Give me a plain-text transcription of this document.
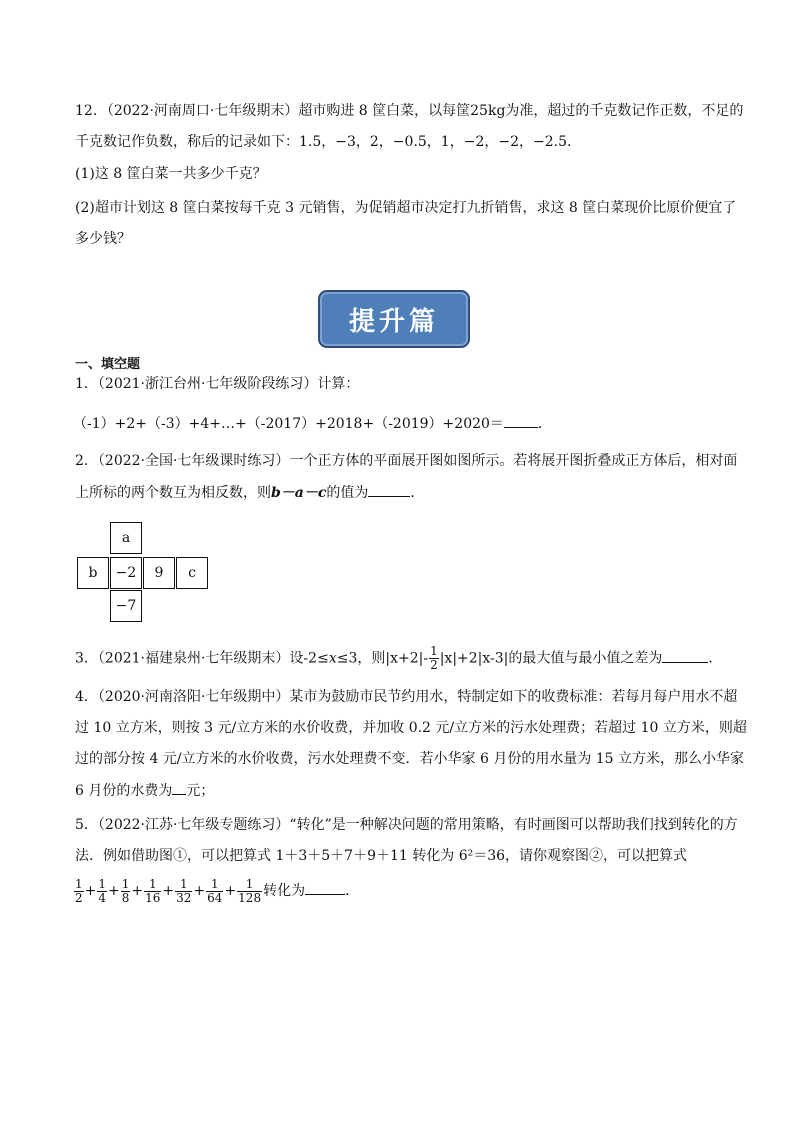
12．（2022·河南周口·七年级期末）超市购进 8 筐白菜，以每筐25kg为准，超过的千克数记作正数，不足的
千克数记作负数，称后的记录如下：1.5，−3，2，−0.5，1，−2，−2，−2.5．
(1)这 8 筐白菜一共多少千克？
(2)超市计划这 8 筐白菜按每千克 3 元销售，为促销超市决定打九折销售，求这 8 筐白菜现价比原价便宜了
多少钱？
提升篇
一、填空题
1．（2021·浙江台州·七年级阶段练习）计算：
（-1）+2+（-3）+4+…+（-2017）+2018+（-2019）+2020＝ ．
2．（2022·全国·七年级课时练习）一个正方体的平面展开图如图所示。若将展开图折叠成正方体后，相对面
上所标的两个数互为相反数，则b－a－c的值为	．
a
b	−2	9	c
−7
3．（2021·福建泉州·七年级期末）设-2≤x≤3，则$|x+2|- \frac{1}{2} |x|+2|x-3|$的最大值与最小值之差为	．
4．（2020·河南洛阳·七年级期中）某市为鼓励市民节约用水，特制定如下的收费标准：若每月每户用水不超
过 10 立方米，则按 3 元/立方米的水价收费，并加收 0.2 元/立方米的污水处理费；若超过 10 立方米，则超
过的部分按 4 元/立方米的水价收费，污水处理费不变．若小华家 6 月份的用水量为 15 立方米，那么小华家
6 月份的水费为 元；
5．（2022·江苏·七年级专题练习）“转化”是一种解决问题的常用策略，有时画图可以帮助我们找到转化的方
法．例如借助图①，可以把算式 1＋3＋5＋7＋9＋11 转化为 6²＝36，请你观察图②，可以把算式
$\frac{1}{2} + \frac{1}{4} + \frac{1}{8} + \frac{1}{16} + \frac{1}{32} + \frac{1}{64} + \frac{1}{128}$ 转化为	．
